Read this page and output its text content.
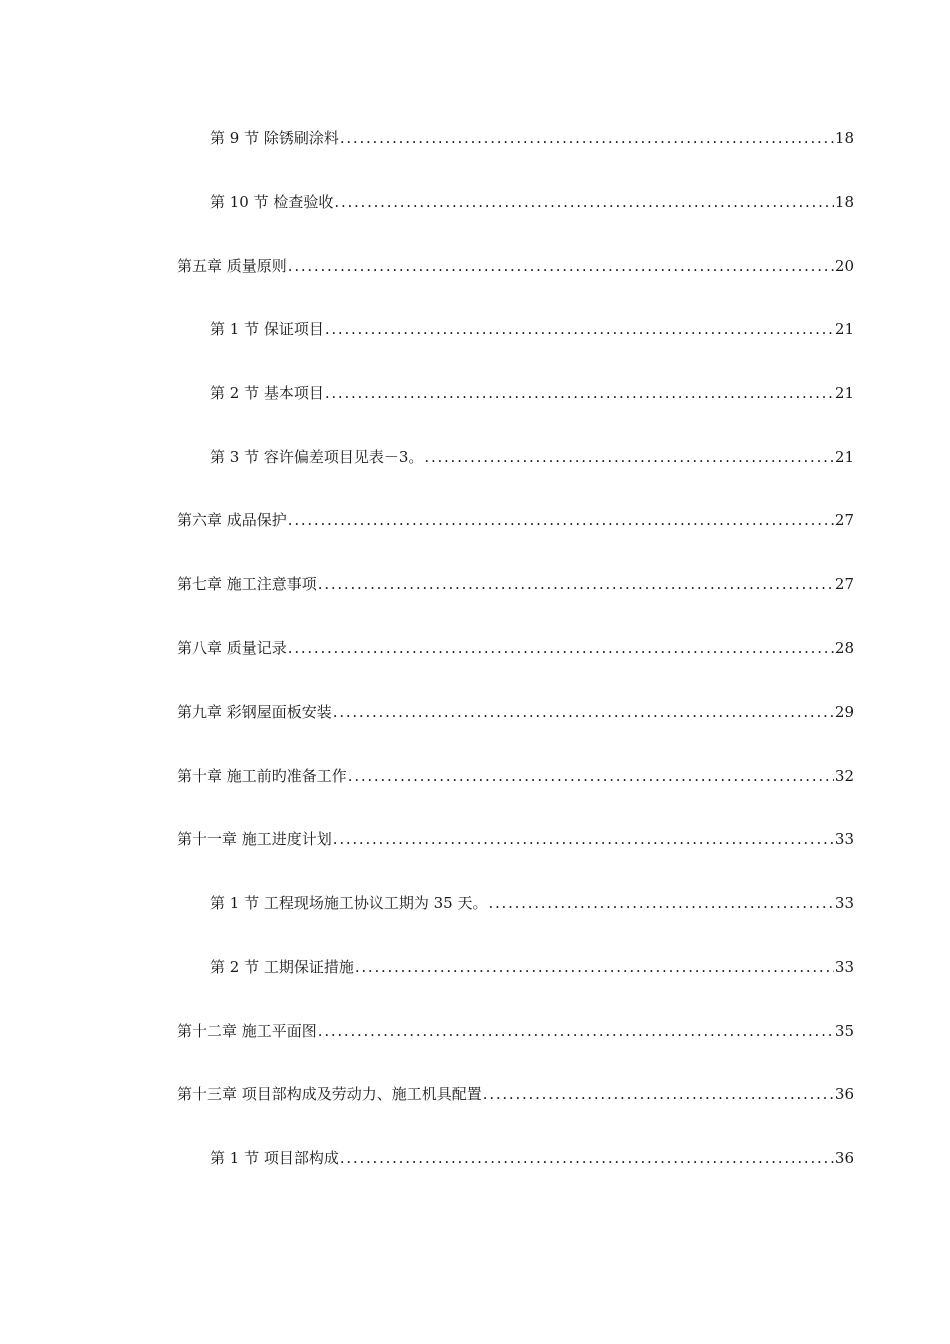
第 9 节 除锈刷涂料 . . .	18
第 10 节 检查验收 . . .	18
第五章 质量原则 . . .	20
第 1 节 保证项目 . . .	21
第 2 节 基本项目 . . .	21
第 3 节 容许偏差项目见表－3。 . . .	21
第六章 成品保护 . . .	27
第七章 施工注意事项 . . .	27
第八章 质量记录 . . .	28
第九章 彩钢屋面板安装 . . .	29
第十章 施工前旳准备工作 . . .	32
第十一章 施工进度计划 . . .	33
第 1 节 工程现场施工协议工期为 35 天。 . . .	33
第 2 节 工期保证措施 . . .	33
第十二章 施工平面图 . . .	35
第十三章 项目部构成及劳动力、施工机具配置 . . .	36
第 1 节 项目部构成 . . .	36
